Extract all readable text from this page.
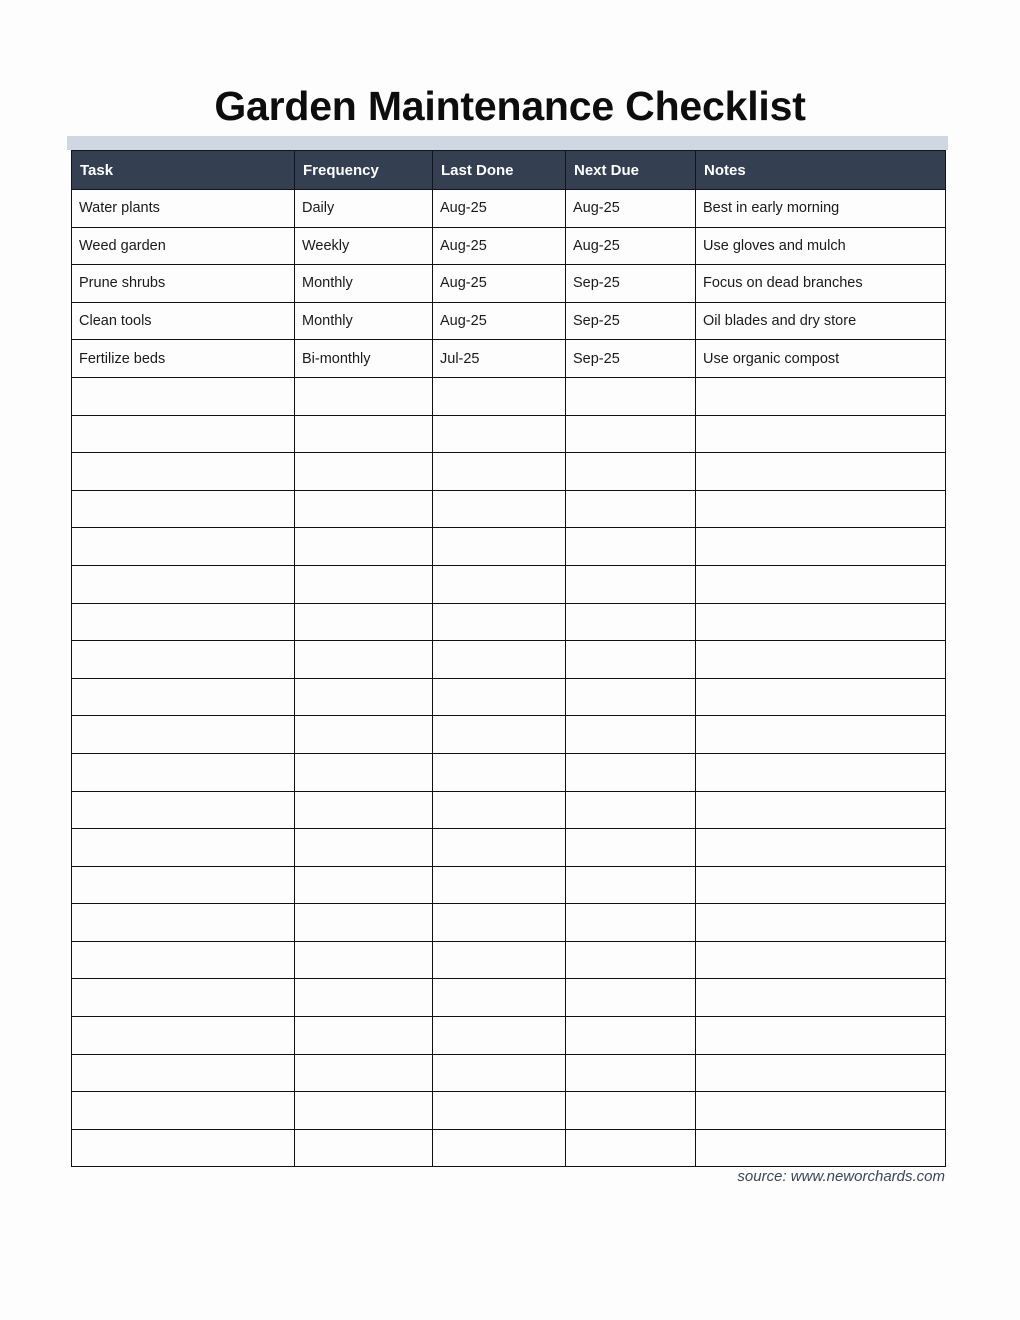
Garden Maintenance Checklist
Task	Frequency	Last Done	Next Due	Notes
Water plants	Daily	Aug-25	Aug-25	Best in early morning
Weed garden	Weekly	Aug-25	Aug-25	Use gloves and mulch
Prune shrubs	Monthly	Aug-25	Sep-25	Focus on dead branches
Clean tools	Monthly	Aug-25	Sep-25	Oil blades and dry store
Fertilize beds	Bi-monthly	Jul-25	Sep-25	Use organic compost

source: www.neworchards.com
